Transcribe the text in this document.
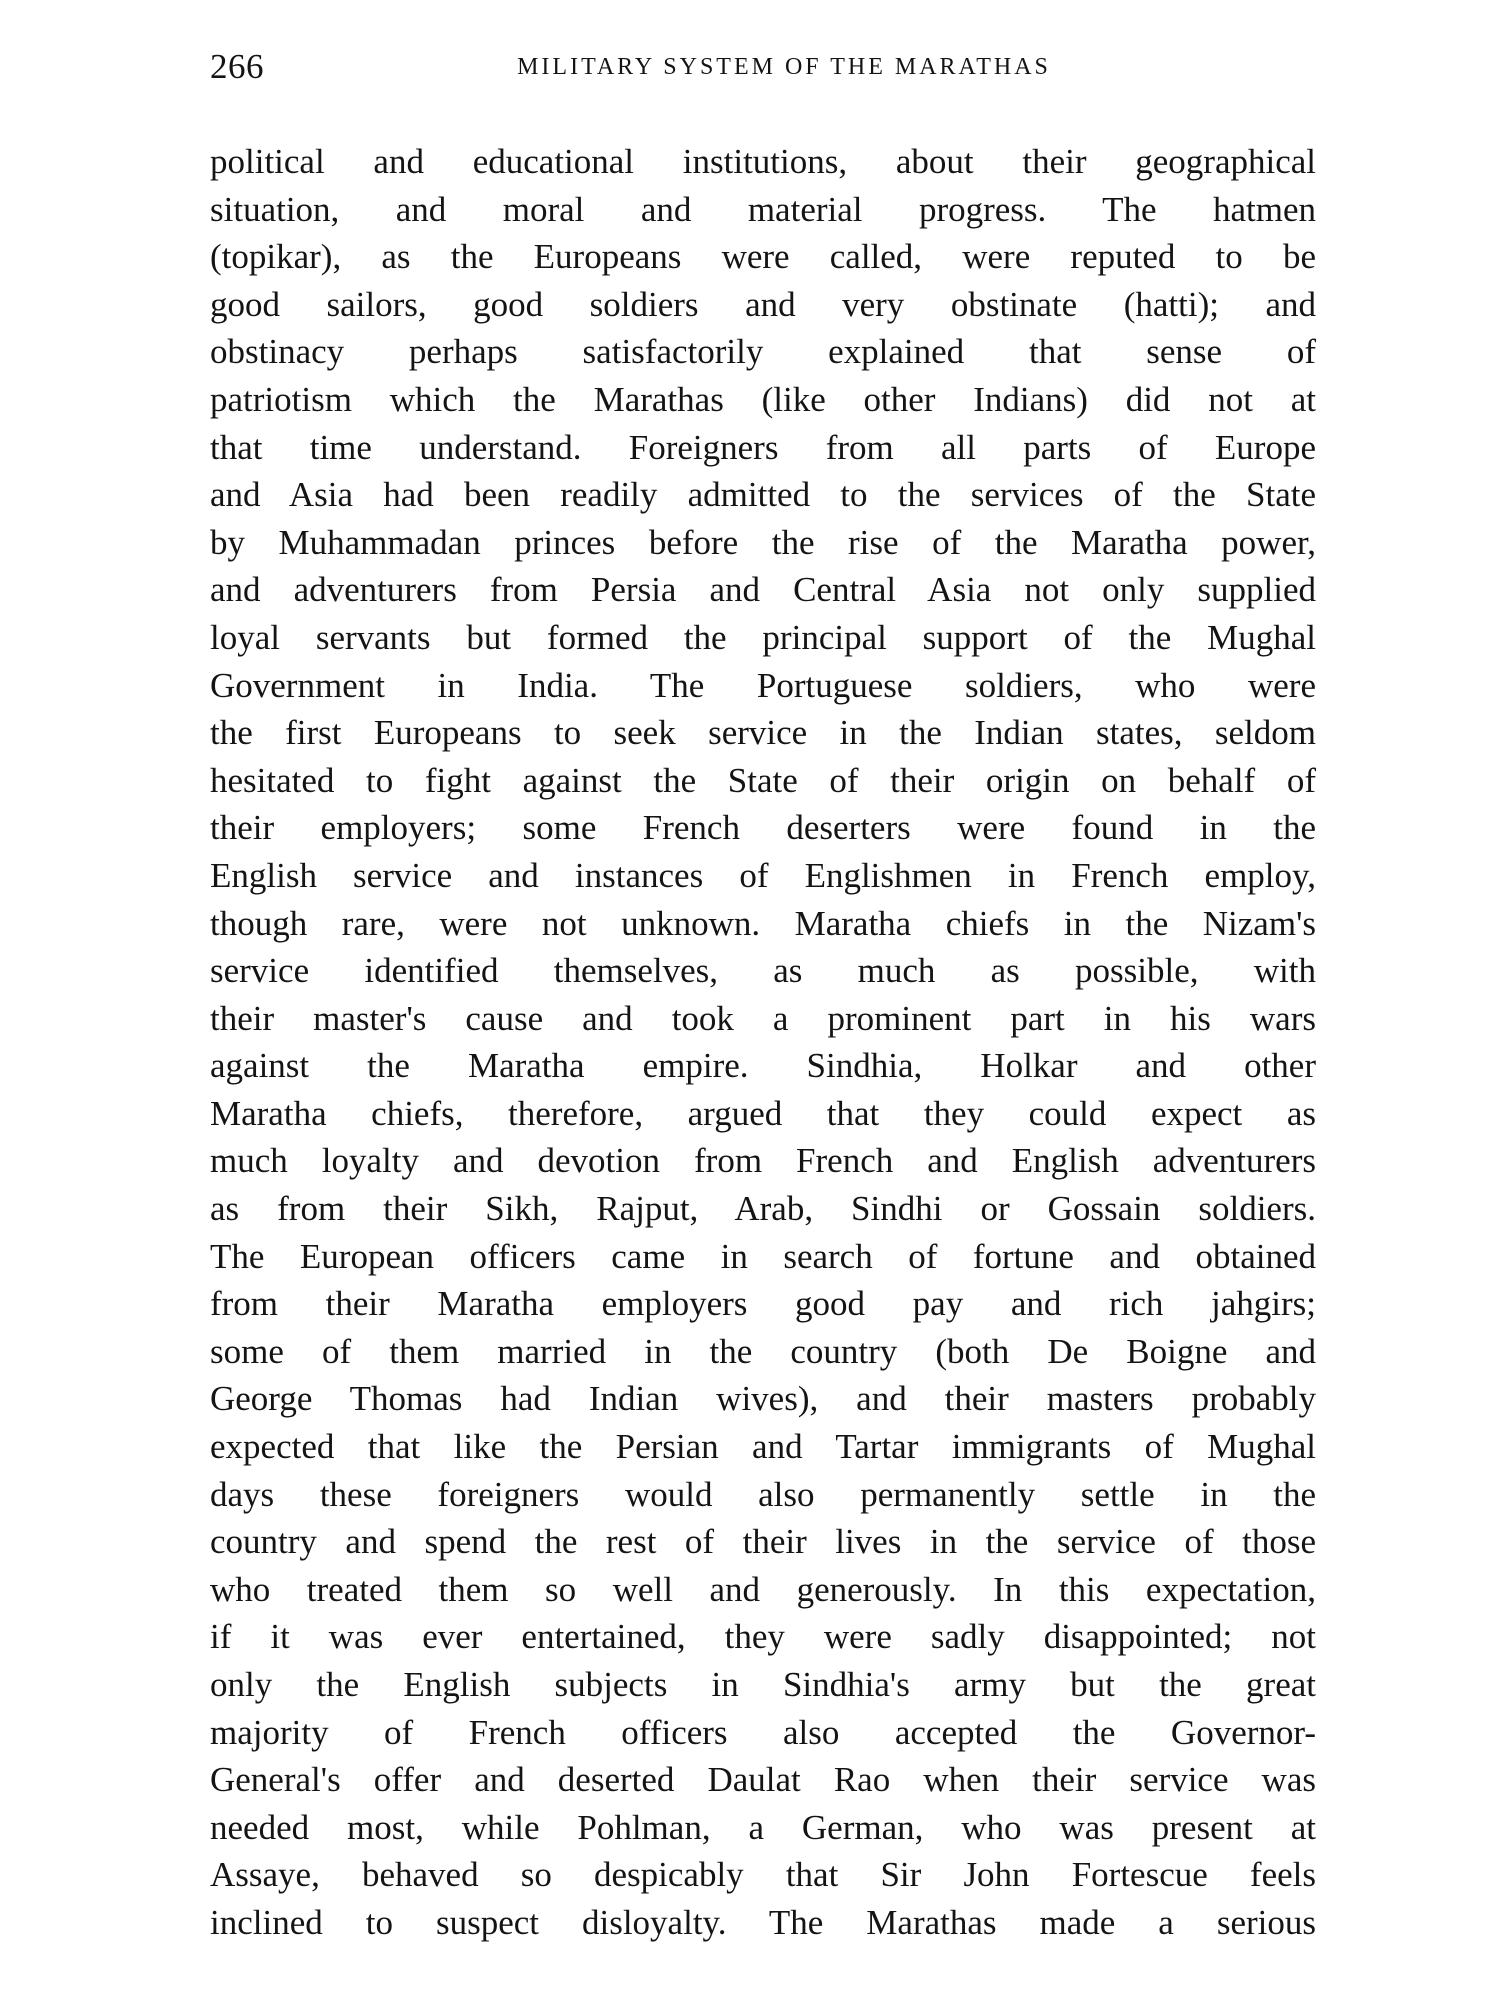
266	MILITARY SYSTEM OF THE MARATHAS
political and educational institutions, about their geographical
situation, and moral and material progress. The hatmen
(topikar), as the Europeans were called, were reputed to be
good sailors, good soldiers and very obstinate (hatti); and
obstinacy perhaps satisfactorily explained that sense of
patriotism which the Marathas (like other Indians) did not at
that time understand. Foreigners from all parts of Europe
and Asia had been readily admitted to the services of the State
by Muhammadan princes before the rise of the Maratha power,
and adventurers from Persia and Central Asia not only supplied
loyal servants but formed the principal support of the Mughal
Government in India. The Portuguese soldiers, who were
the first Europeans to seek service in the Indian states, seldom
hesitated to fight against the State of their origin on behalf of
their employers; some French deserters were found in the
English service and instances of Englishmen in French employ,
though rare, were not unknown. Maratha chiefs in the Nizam's
service identified themselves, as much as possible, with
their master's cause and took a prominent part in his wars
against the Maratha empire. Sindhia, Holkar and other
Maratha chiefs, therefore, argued that they could expect as
much loyalty and devotion from French and English adventurers
as from their Sikh, Rajput, Arab, Sindhi or Gossain soldiers.
The European officers came in search of fortune and obtained
from their Maratha employers good pay and rich jahgirs;
some of them married in the country (both De Boigne and
George Thomas had Indian wives), and their masters probably
expected that like the Persian and Tartar immigrants of Mughal
days these foreigners would also permanently settle in the
country and spend the rest of their lives in the service of those
who treated them so well and generously. In this expectation,
if it was ever entertained, they were sadly disappointed; not
only the English subjects in Sindhia's army but the great
majority of French officers also accepted the Governor-
General's offer and deserted Daulat Rao when their service was
needed most, while Pohlman, a German, who was present at
Assaye, behaved so despicably that Sir John Fortescue feels
inclined to suspect disloyalty. The Marathas made a serious
